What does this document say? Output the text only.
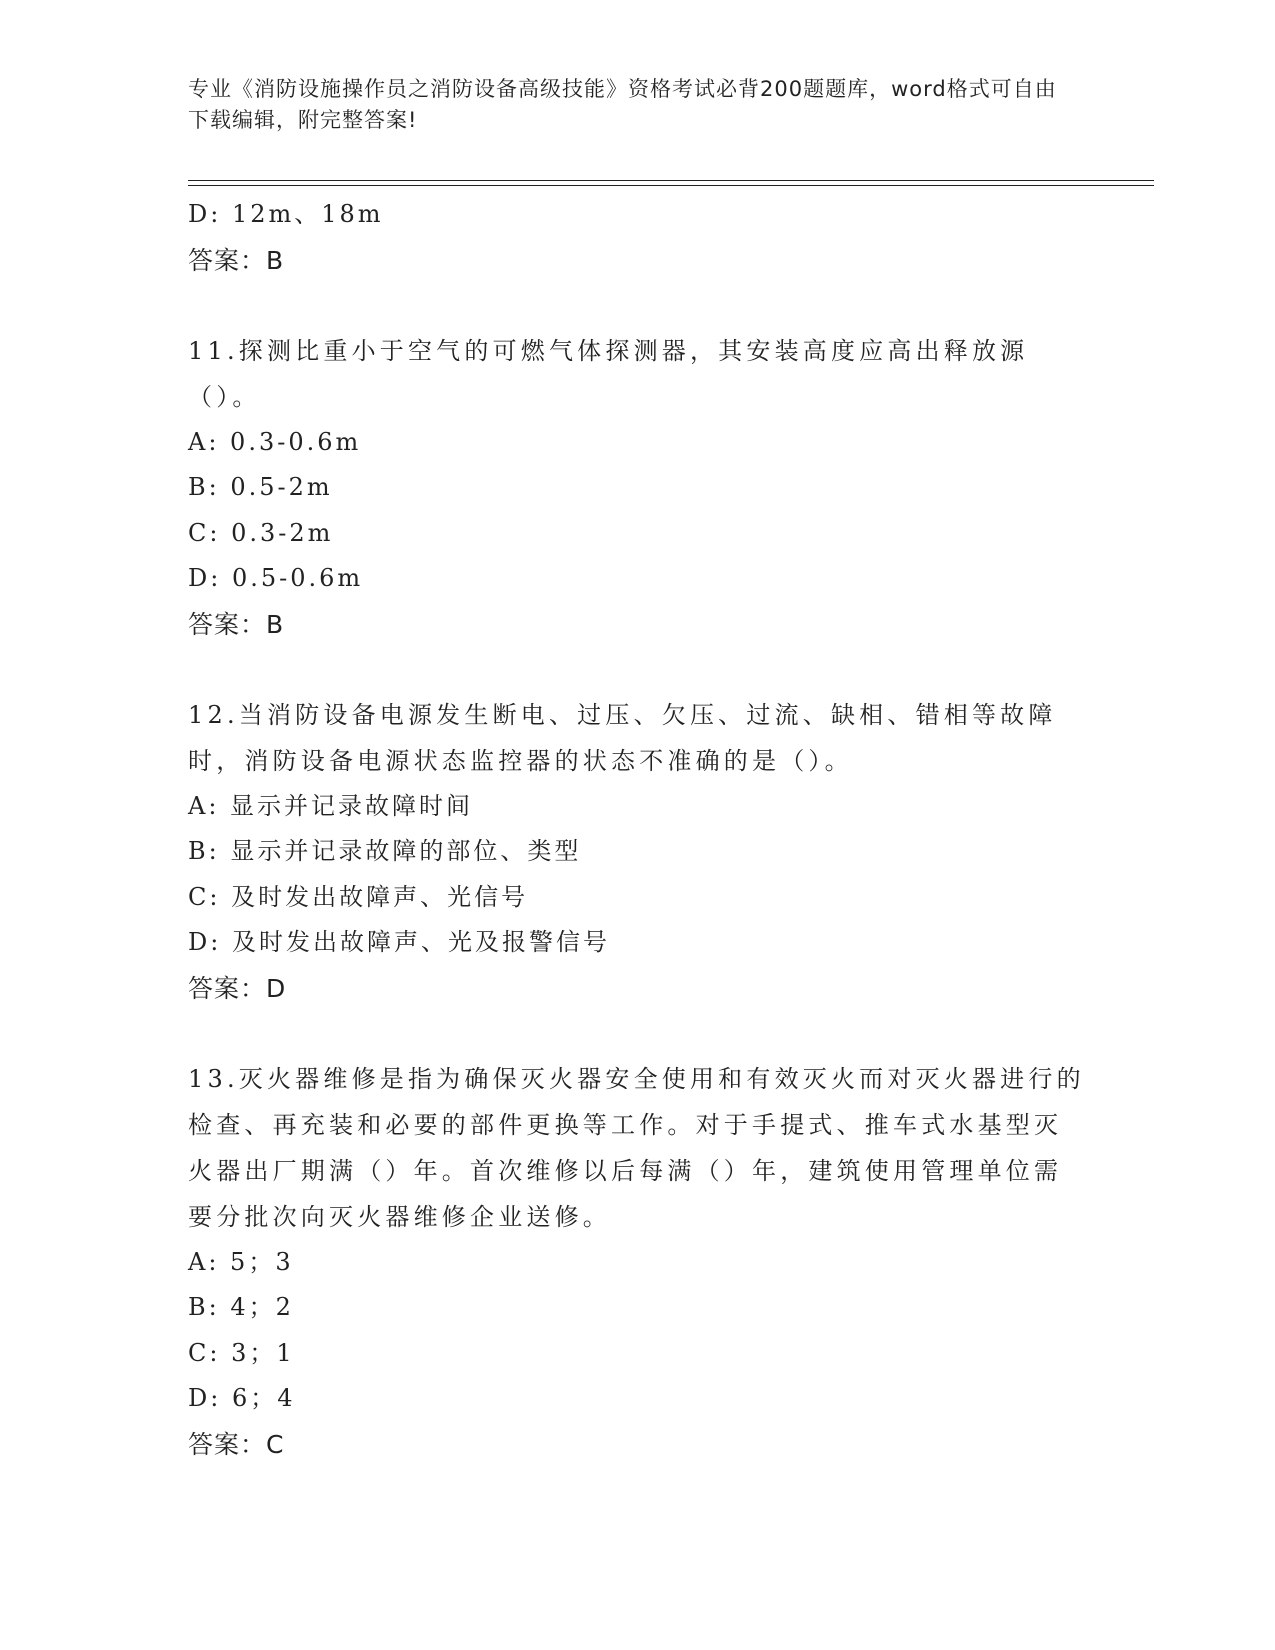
专业《消防设施操作员之消防设备高级技能》资格考试必背200题题库，word格式可自由下载编辑，附完整答案!

D: 12m、18m

答案：B

11.探测比重小于空气的可燃气体探测器，其安装高度应高出释放源（）。

A: 0.3-0.6m

B: 0.5-2m

C: 0.3-2m

D: 0.5-0.6m

答案：B

12.当消防设备电源发生断电、过压、欠压、过流、缺相、错相等故障时，消防设备电源状态监控器的状态不准确的是（）。

A: 显示并记录故障时间

B: 显示并记录故障的部位、类型

C: 及时发出故障声、光信号

D: 及时发出故障声、光及报警信号

答案：D

13.灭火器维修是指为确保灭火器安全使用和有效灭火而对灭火器进行的检查、再充装和必要的部件更换等工作。对于手提式、推车式水基型灭火器出厂期满（）年。首次维修以后每满（）年，建筑使用管理单位需要分批次向灭火器维修企业送修。

A: 5；3

B: 4；2

C: 3；1

D: 6；4

答案：C
